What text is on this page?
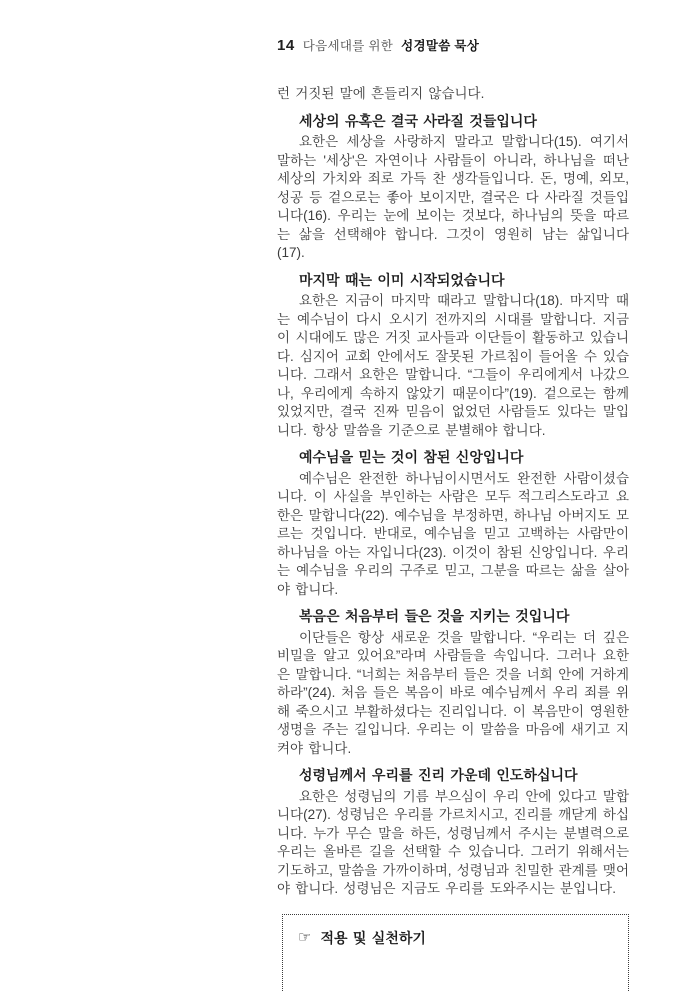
14 다음세대를 위한 성경말씀 묵상

런 거짓된 말에 흔들리지 않습니다.

세상의 유혹은 결국 사라질 것들입니다

요한은 세상을 사랑하지 말라고 말합니다(15). 여기서 말하는 '세상'은 자연이나 사람들이 아니라, 하나님을 떠난 세상의 가치와 죄로 가득 찬 생각들입니다. 돈, 명예, 외모, 성공 등 겉으로는 좋아 보이지만, 결국은 다 사라질 것들입니다(16). 우리는 눈에 보이는 것보다, 하나님의 뜻을 따르는 삶을 선택해야 합니다. 그것이 영원히 남는 삶입니다(17).

마지막 때는 이미 시작되었습니다

요한은 지금이 마지막 때라고 말합니다(18). 마지막 때는 예수님이 다시 오시기 전까지의 시대를 말합니다. 지금 이 시대에도 많은 거짓 교사들과 이단들이 활동하고 있습니다. 심지어 교회 안에서도 잘못된 가르침이 들어올 수 있습니다. 그래서 요한은 말합니다. “그들이 우리에게서 나갔으나, 우리에게 속하지 않았기 때문이다”(19). 겉으로는 함께 있었지만, 결국 진짜 믿음이 없었던 사람들도 있다는 말입니다. 항상 말씀을 기준으로 분별해야 합니다.

예수님을 믿는 것이 참된 신앙입니다

예수님은 완전한 하나님이시면서도 완전한 사람이셨습니다. 이 사실을 부인하는 사람은 모두 적그리스도라고 요한은 말합니다(22). 예수님을 부정하면, 하나님 아버지도 모르는 것입니다. 반대로, 예수님을 믿고 고백하는 사람만이 하나님을 아는 자입니다(23). 이것이 참된 신앙입니다. 우리는 예수님을 우리의 구주로 믿고, 그분을 따르는 삶을 살아야 합니다.

복음은 처음부터 들은 것을 지키는 것입니다

이단들은 항상 새로운 것을 말합니다. “우리는 더 깊은 비밀을 알고 있어요”라며 사람들을 속입니다. 그러나 요한은 말합니다. “너희는 처음부터 들은 것을 너희 안에 거하게 하라”(24). 처음 들은 복음이 바로 예수님께서 우리 죄를 위해 죽으시고 부활하셨다는 진리입니다. 이 복음만이 영원한 생명을 주는 길입니다. 우리는 이 말씀을 마음에 새기고 지켜야 합니다.

성령님께서 우리를 진리 가운데 인도하십니다

요한은 성령님의 기름 부으심이 우리 안에 있다고 말합니다(27). 성령님은 우리를 가르치시고, 진리를 깨닫게 하십니다. 누가 무슨 말을 하든, 성령님께서 주시는 분별력으로 우리는 올바른 길을 선택할 수 있습니다. 그러기 위해서는 기도하고, 말씀을 가까이하며, 성령님과 친밀한 관계를 맺어야 합니다. 성령님은 지금도 우리를 도와주시는 분입니다.

☞ 적용 및 실천하기
